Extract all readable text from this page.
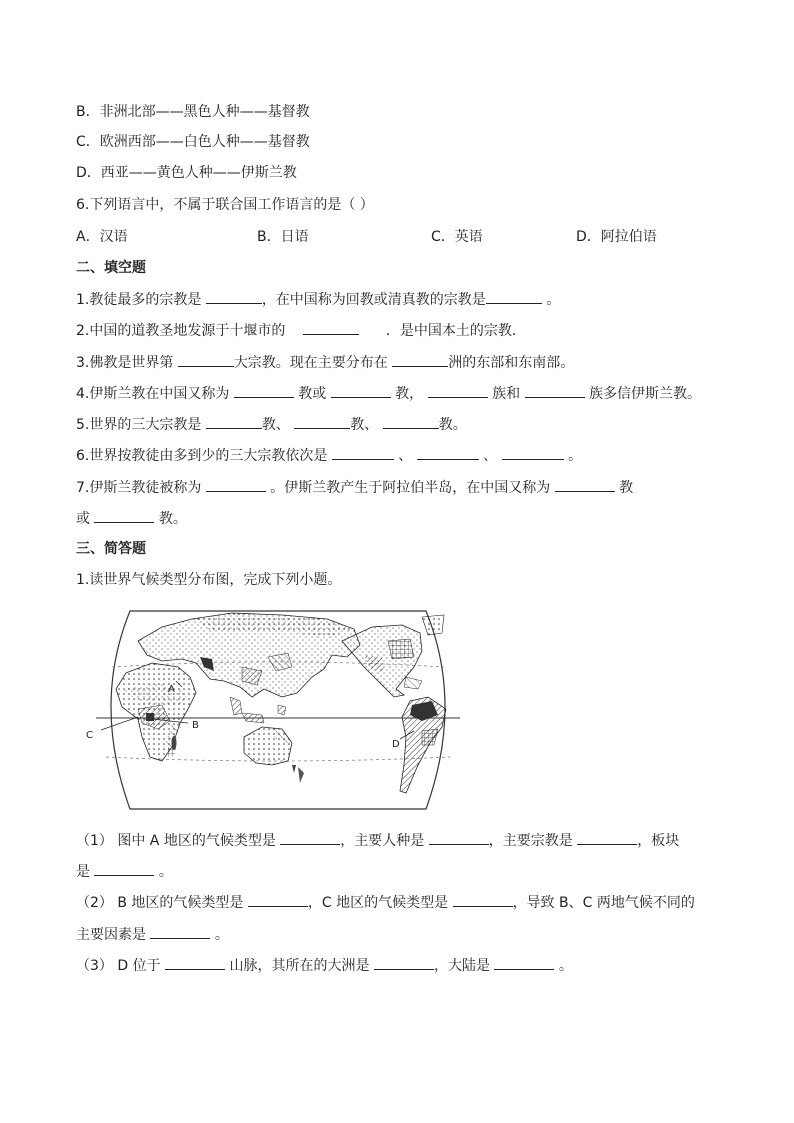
B．非洲北部——黑色人种——基督教
C．欧洲西部——白色人种——基督教
D．西亚——黄色人种——伊斯兰教
6.下列语言中，不属于联合国工作语言的是（ ）
A．汉语	B．日语	C．英语	D．阿拉伯语
二、填空题
1.教徒最多的宗教是	，在中国称为回教或清真教的宗教是	。
2.中国的道教圣地发源于十堰市的	．是中国本土的宗教．
3.佛教是世界第	大宗教。现在主要分布在	洲的东部和东南部。
4.伊斯兰教在中国又称为	教或	教，	族和	族多信伊斯兰教。
5.世界的三大宗教是	教、	教、	教。
6.世界按教徒由多到少的三大宗教依次是	、	、	。
7.伊斯兰教徒被称为	。伊斯兰教产生于阿拉伯半岛，在中国又称为	教
或	教。
三、简答题
1.读世界气候类型分布图，完成下列小题。
A
B
C
D
（1） 图中 A 地区的气候类型是	，主要人种是	，主要宗教是	，板块
是	。
（2） B 地区的气候类型是	，C 地区的气候类型是	，导致 B、C 两地气候不同的
主要因素是	。
（3） D 位于	山脉，其所在的大洲是	，大陆是	。
